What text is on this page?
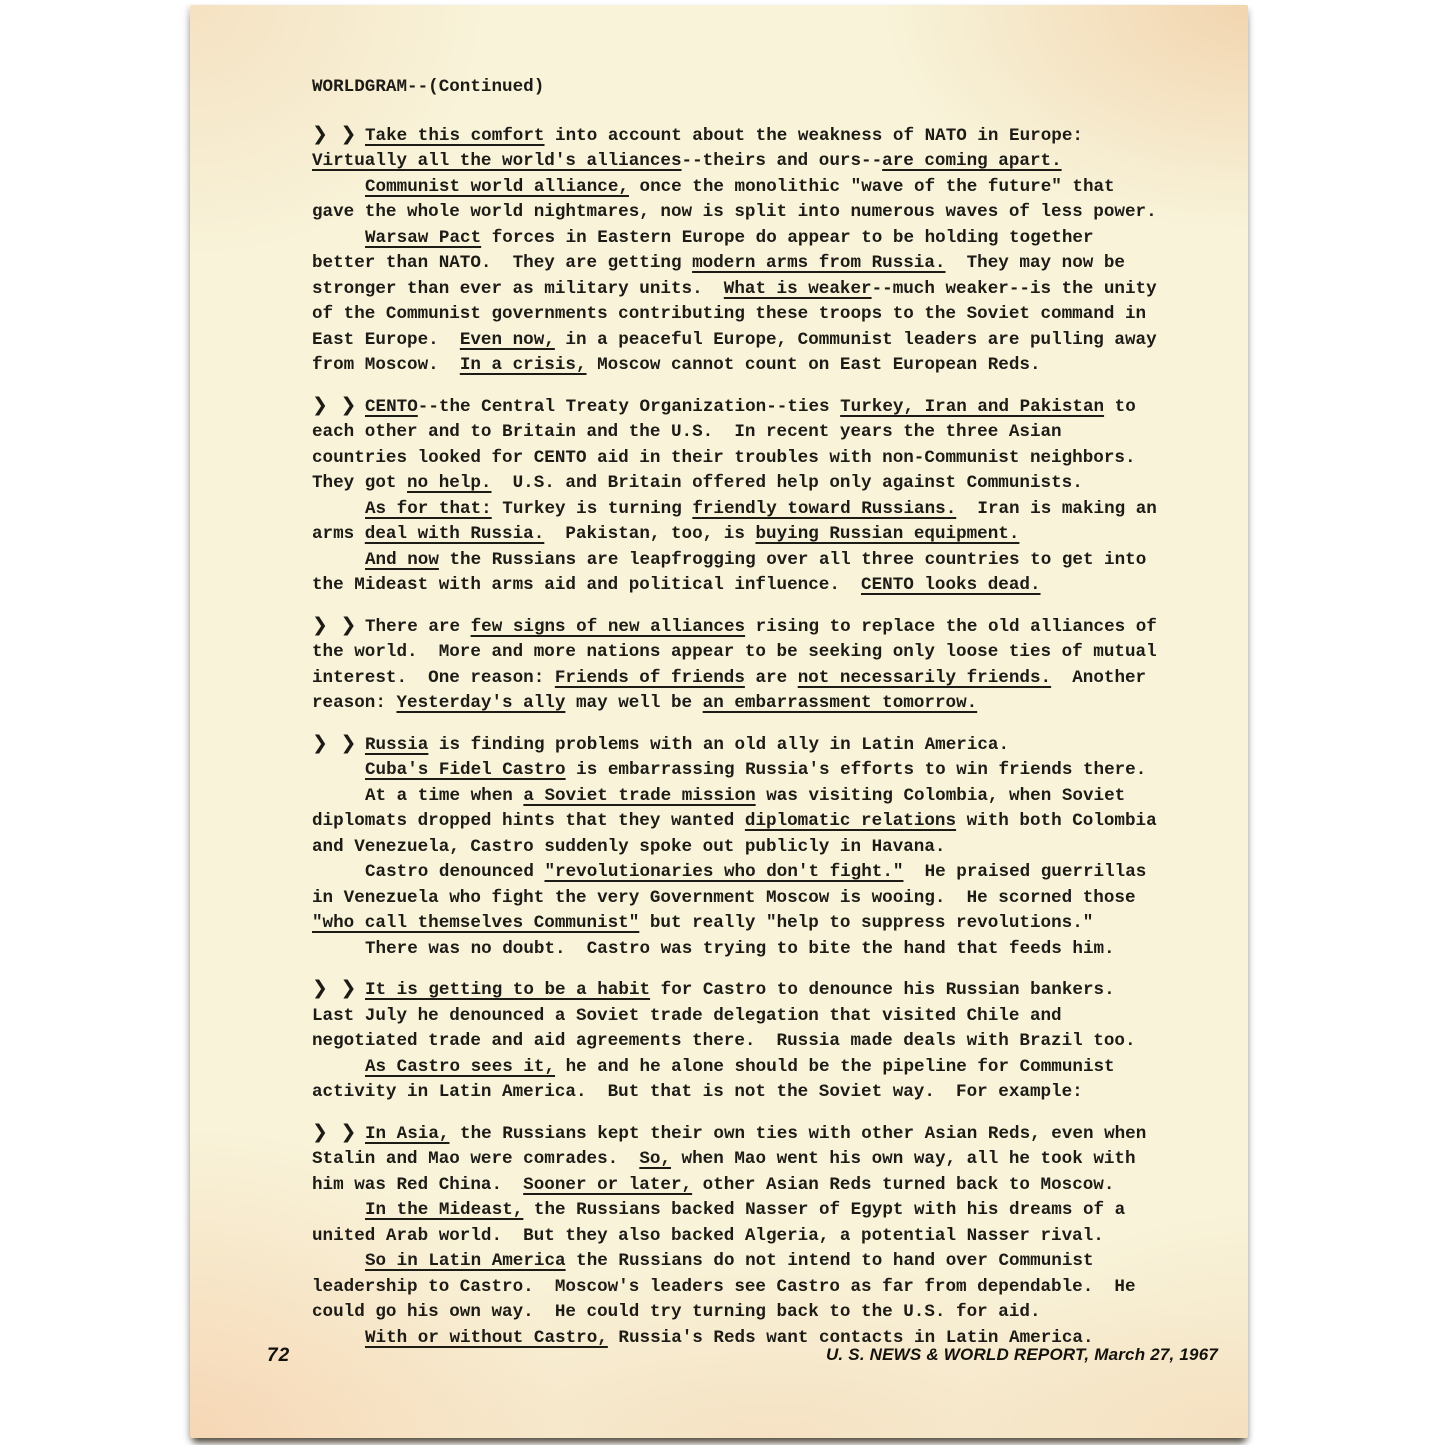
WORLDGRAM--(Continued)
❯ ❯ Take this comfort into account about the weakness of NATO in Europe:
Virtually all the world's alliances--theirs and ours--are coming apart.
Communist world alliance, once the monolithic "wave of the future" that
gave the whole world nightmares, now is split into numerous waves of less power.
Warsaw Pact forces in Eastern Europe do appear to be holding together
better than NATO.  They are getting modern arms from Russia.  They may now be
stronger than ever as military units.  What is weaker--much weaker--is the unity
of the Communist governments contributing these troops to the Soviet command in
East Europe.  Even now, in a peaceful Europe, Communist leaders are pulling away
from Moscow.  In a crisis, Moscow cannot count on East European Reds.
❯ ❯ CENTO--the Central Treaty Organization--ties Turkey, Iran and Pakistan to
each other and to Britain and the U.S.  In recent years the three Asian
countries looked for CENTO aid in their troubles with non-Communist neighbors.
They got no help.  U.S. and Britain offered help only against Communists.
As for that: Turkey is turning friendly toward Russians.  Iran is making an
arms deal with Russia.  Pakistan, too, is buying Russian equipment.
And now the Russians are leapfrogging over all three countries to get into
the Mideast with arms aid and political influence.  CENTO looks dead.
❯ ❯ There are few signs of new alliances rising to replace the old alliances of
the world.  More and more nations appear to be seeking only loose ties of mutual
interest.  One reason: Friends of friends are not necessarily friends.  Another
reason: Yesterday's ally may well be an embarrassment tomorrow.
❯ ❯ Russia is finding problems with an old ally in Latin America.
Cuba's Fidel Castro is embarrassing Russia's efforts to win friends there.
At a time when a Soviet trade mission was visiting Colombia, when Soviet
diplomats dropped hints that they wanted diplomatic relations with both Colombia
and Venezuela, Castro suddenly spoke out publicly in Havana.
Castro denounced "revolutionaries who don't fight."  He praised guerrillas
in Venezuela who fight the very Government Moscow is wooing.  He scorned those
"who call themselves Communist" but really "help to suppress revolutions."
There was no doubt.  Castro was trying to bite the hand that feeds him.
❯ ❯ It is getting to be a habit for Castro to denounce his Russian bankers.
Last July he denounced a Soviet trade delegation that visited Chile and
negotiated trade and aid agreements there.  Russia made deals with Brazil too.
As Castro sees it, he and he alone should be the pipeline for Communist
activity in Latin America.  But that is not the Soviet way.  For example:
❯ ❯ In Asia, the Russians kept their own ties with other Asian Reds, even when
Stalin and Mao were comrades.  So, when Mao went his own way, all he took with
him was Red China.  Sooner or later, other Asian Reds turned back to Moscow.
In the Mideast, the Russians backed Nasser of Egypt with his dreams of a
united Arab world.  But they also backed Algeria, a potential Nasser rival.
So in Latin America the Russians do not intend to hand over Communist
leadership to Castro.  Moscow's leaders see Castro as far from dependable.  He
could go his own way.  He could try turning back to the U.S. for aid.
With or without Castro, Russia's Reds want contacts in Latin America.
72	U. S. NEWS & WORLD REPORT, March 27, 1967
